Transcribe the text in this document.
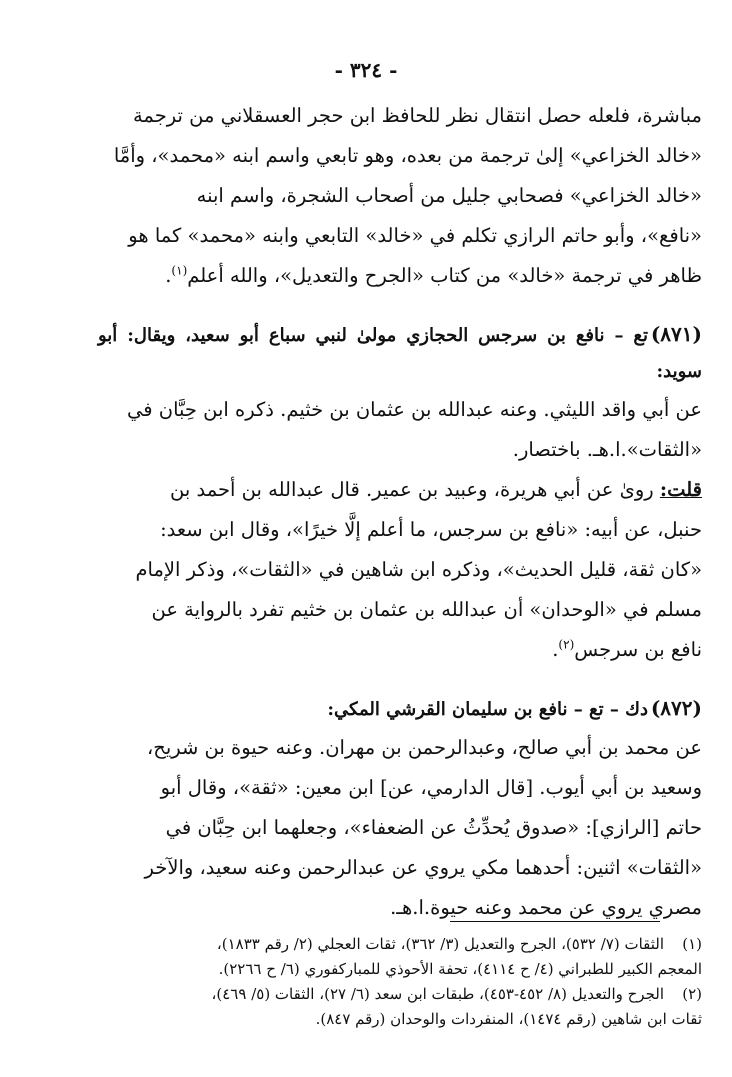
- ٣٢٤ -

مباشرة، فلعله حصل انتقال نظر للحافظ ابن حجر العسقلاني من ترجمة

«خالد الخزاعي» إلىٰ ترجمة من بعده، وهو تابعي واسم ابنه «محمد»، وأمَّا

«خالد الخزاعي» فصحابي جليل من أصحاب الشجرة، واسم ابنه

«نافع»، وأبو حاتم الرازي تكلم في «خالد» التابعي وابنه «محمد» كما هو

ظاهر في ترجمة «خالد» من كتاب «الجرح والتعديل»، والله أعلم$^{(١)}$.

(٨٧١)تع – نافع بن سرجس الحجازي مولىٰ لنبي سباع أبو سعيد، ويقال: أبو سويد:

عن أبي واقد الليثي. وعنه عبدالله بن عثمان بن خثيم. ذكره ابن حِبَّان في

«الثقات».ا.هـ. باختصار.

قلت: روىٰ عن أبي هريرة، وعبيد بن عمير. قال عبدالله بن أحمد بن

حنبل، عن أبيه: «نافع بن سرجس، ما أعلم إلَّا خيرًا»، وقال ابن سعد:

«كان ثقة، قليل الحديث»، وذكره ابن شاهين في «الثقات»، وذكر الإمام

مسلم في «الوحدان» أن عبدالله بن عثمان بن خثيم تفرد بالرواية عن

نافع بن سرجس$^{(٢)}$.

(٨٧٢)دك – تع – نافع بن سليمان القرشي المكي:

عن محمد بن أبي صالح، وعبدالرحمن بن مهران. وعنه حيوة بن شريح،

وسعيد بن أبي أيوب. [قال الدارمي، عن] ابن معين: «ثقة»، وقال أبو

حاتم [الرازي]: «صدوق يُحدِّثُ عن الضعفاء»، وجعلهما ابن حِبَّان في

«الثقات» اثنين: أحدهما مكي يروي عن عبدالرحمن وعنه سعيد، والآخر

مصري يروي عن محمد وعنه حيوة.ا.هـ.

(١)الثقات (٧/ ٥٣٢)، الجرح والتعديل (٣/ ٣٦٢)، ثقات العجلي (٢/ رقم ١٨٣٣)،

المعجم الكبير للطبراني (٤/ ح ٤١١٤)، تحفة الأحوذي للمباركفوري (٦/ ح ٢٢٦٦).

(٢)الجرح والتعديل (٨/ ٤٥٢-٤٥٣)، طبقات ابن سعد (٦/ ٢٧)، الثقات (٥/ ٤٦٩)،

ثقات ابن شاهين (رقم ١٤٧٤)، المنفردات والوحدان (رقم ٨٤٧).
